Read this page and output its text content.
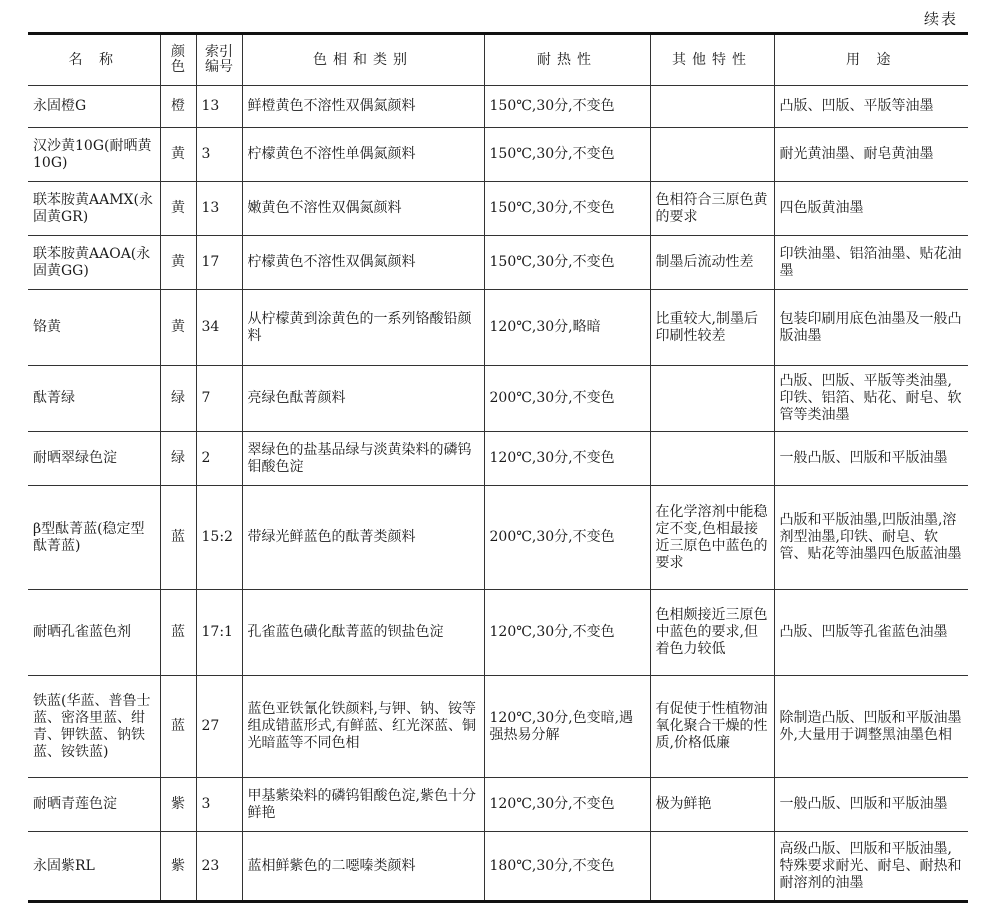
续表
名 称	颜色	索引编号	色相和类别	耐热性	其他特性	用 途
永固橙G	橙	13	鲜橙黄色不溶性双偶氮颜料	150℃,30分,不变色		凸版、凹版、平版等油墨
汉沙黄10G(耐晒黄10G)	黄	3	柠檬黄色不溶性单偶氮颜料	150℃,30分,不变色		耐光黄油墨、耐皂黄油墨
联苯胺黄AAMX(永固黄GR)	黄	13	嫩黄色不溶性双偶氮颜料	150℃,30分,不变色	色相符合三原色黄的要求	四色版黄油墨
联苯胺黄AAOA(永固黄GG)	黄	17	柠檬黄色不溶性双偶氮颜料	150℃,30分,不变色	制墨后流动性差	印铁油墨、铝箔油墨、贴花油墨
铬黄	黄	34	从柠檬黄到涂黄色的一系列铬酸铅颜料	120℃,30分,略暗	比重较大,制墨后印刷性较差	包装印刷用底色油墨及一般凸版油墨
酞菁绿	绿	7	亮绿色酞菁颜料	200℃,30分,不变色		凸版、凹版、平版等类油墨,印铁、铝箔、贴花、耐皂、软管等类油墨
耐晒翠绿色淀	绿	2	翠绿色的盐基品绿与淡黄染料的磷钨钼酸色淀	120℃,30分,不变色		一般凸版、凹版和平版油墨
β型酞菁蓝(稳定型酞菁蓝)	蓝	15:2	带绿光鲜蓝色的酞菁类颜料	200℃,30分,不变色	在化学溶剂中能稳定不变,色相最接近三原色中蓝色的要求	凸版和平版油墨,凹版油墨,溶剂型油墨,印铁、耐皂、软管、贴花等油墨四色版蓝油墨
耐晒孔雀蓝色剂	蓝	17:1	孔雀蓝色磺化酞菁蓝的钡盐色淀	120℃,30分,不变色	色相颇接近三原色中蓝色的要求,但着色力较低	凸版、凹版等孔雀蓝色油墨
铁蓝(华蓝、普鲁士蓝、密洛里蓝、绀青、钾铁蓝、钠铁蓝、铵铁蓝)	蓝	27	蓝色亚铁氰化铁颜料,与钾、钠、铵等组成错蓝形式,有鲜蓝、红光深蓝、铜光暗蓝等不同色相	120℃,30分,色变暗,遇强热易分解	有促使于性植物油氧化聚合干燥的性质,价格低廉	除制造凸版、凹版和平版油墨外,大量用于调整黑油墨色相
耐晒青莲色淀	紫	3	甲基紫染料的磷钨钼酸色淀,紫色十分鲜艳	120℃,30分,不变色	极为鲜艳	一般凸版、凹版和平版油墨
永固紫RL	紫	23	蓝相鲜紫色的二噁嗪类颜料	180℃,30分,不变色		高级凸版、凹版和平版油墨,特殊要求耐光、耐皂、耐热和耐溶剂的油墨
